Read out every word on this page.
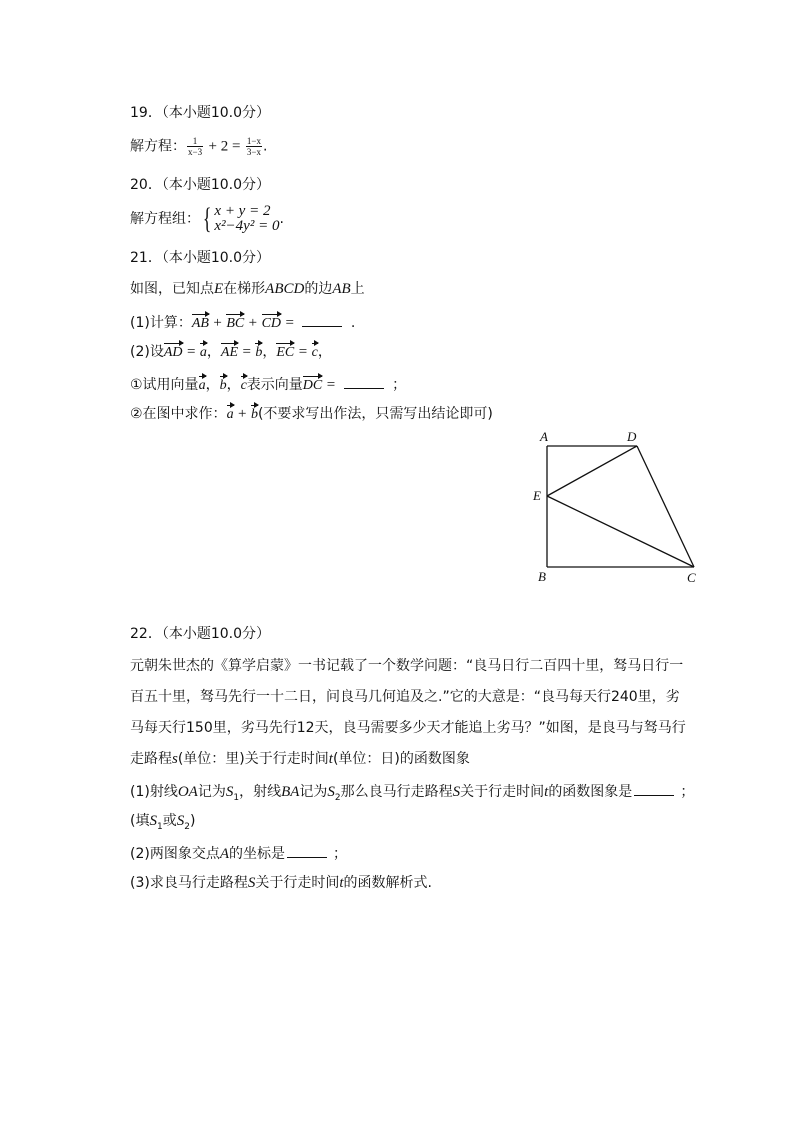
19．（本小题10.0分）
解方程： $\frac{1}{x-3} + 2 = \frac{1-x}{3-x}$ .
20．（本小题10.0分）
解方程组：{ x + y = 2
x²−4y² = 0 .
21．（本小题10.0分）
如图，已知点E在梯形ABCD的边AB上
(1)计算：AB + BC + CD =	.
(2)设AD = a，AE = b，EC = c，
①试用向量a，b，c表示向量DC =	；
②在图中求作：a + b(不要求写出作法，只需写出结论即可)
A	D
E
B	C
22．（本小题10.0分）
元朝朱世杰的《算学启蒙》一书记载了一个数学问题：“良马日行二百四十里，驽马日行一
百五十里，驽马先行一十二日，问良马几何追及之.”它的大意是：“良马每天行240里，劣
马每天行150里，劣马先行12天，良马需要多少天才能追上劣马？”如图，是良马与驽马行
走路程s(单位：里)关于行走时间t(单位：日)的函数图象
(1)射线OA记为$S_1$，射线BA记为$S_2$那么良马行走路程S关于行走时间t的函数图象是	；
(填$S_1$或$S_2$)
(2)两图象交点A的坐标是	；
(3)求良马行走路程S关于行走时间t的函数解析式.
